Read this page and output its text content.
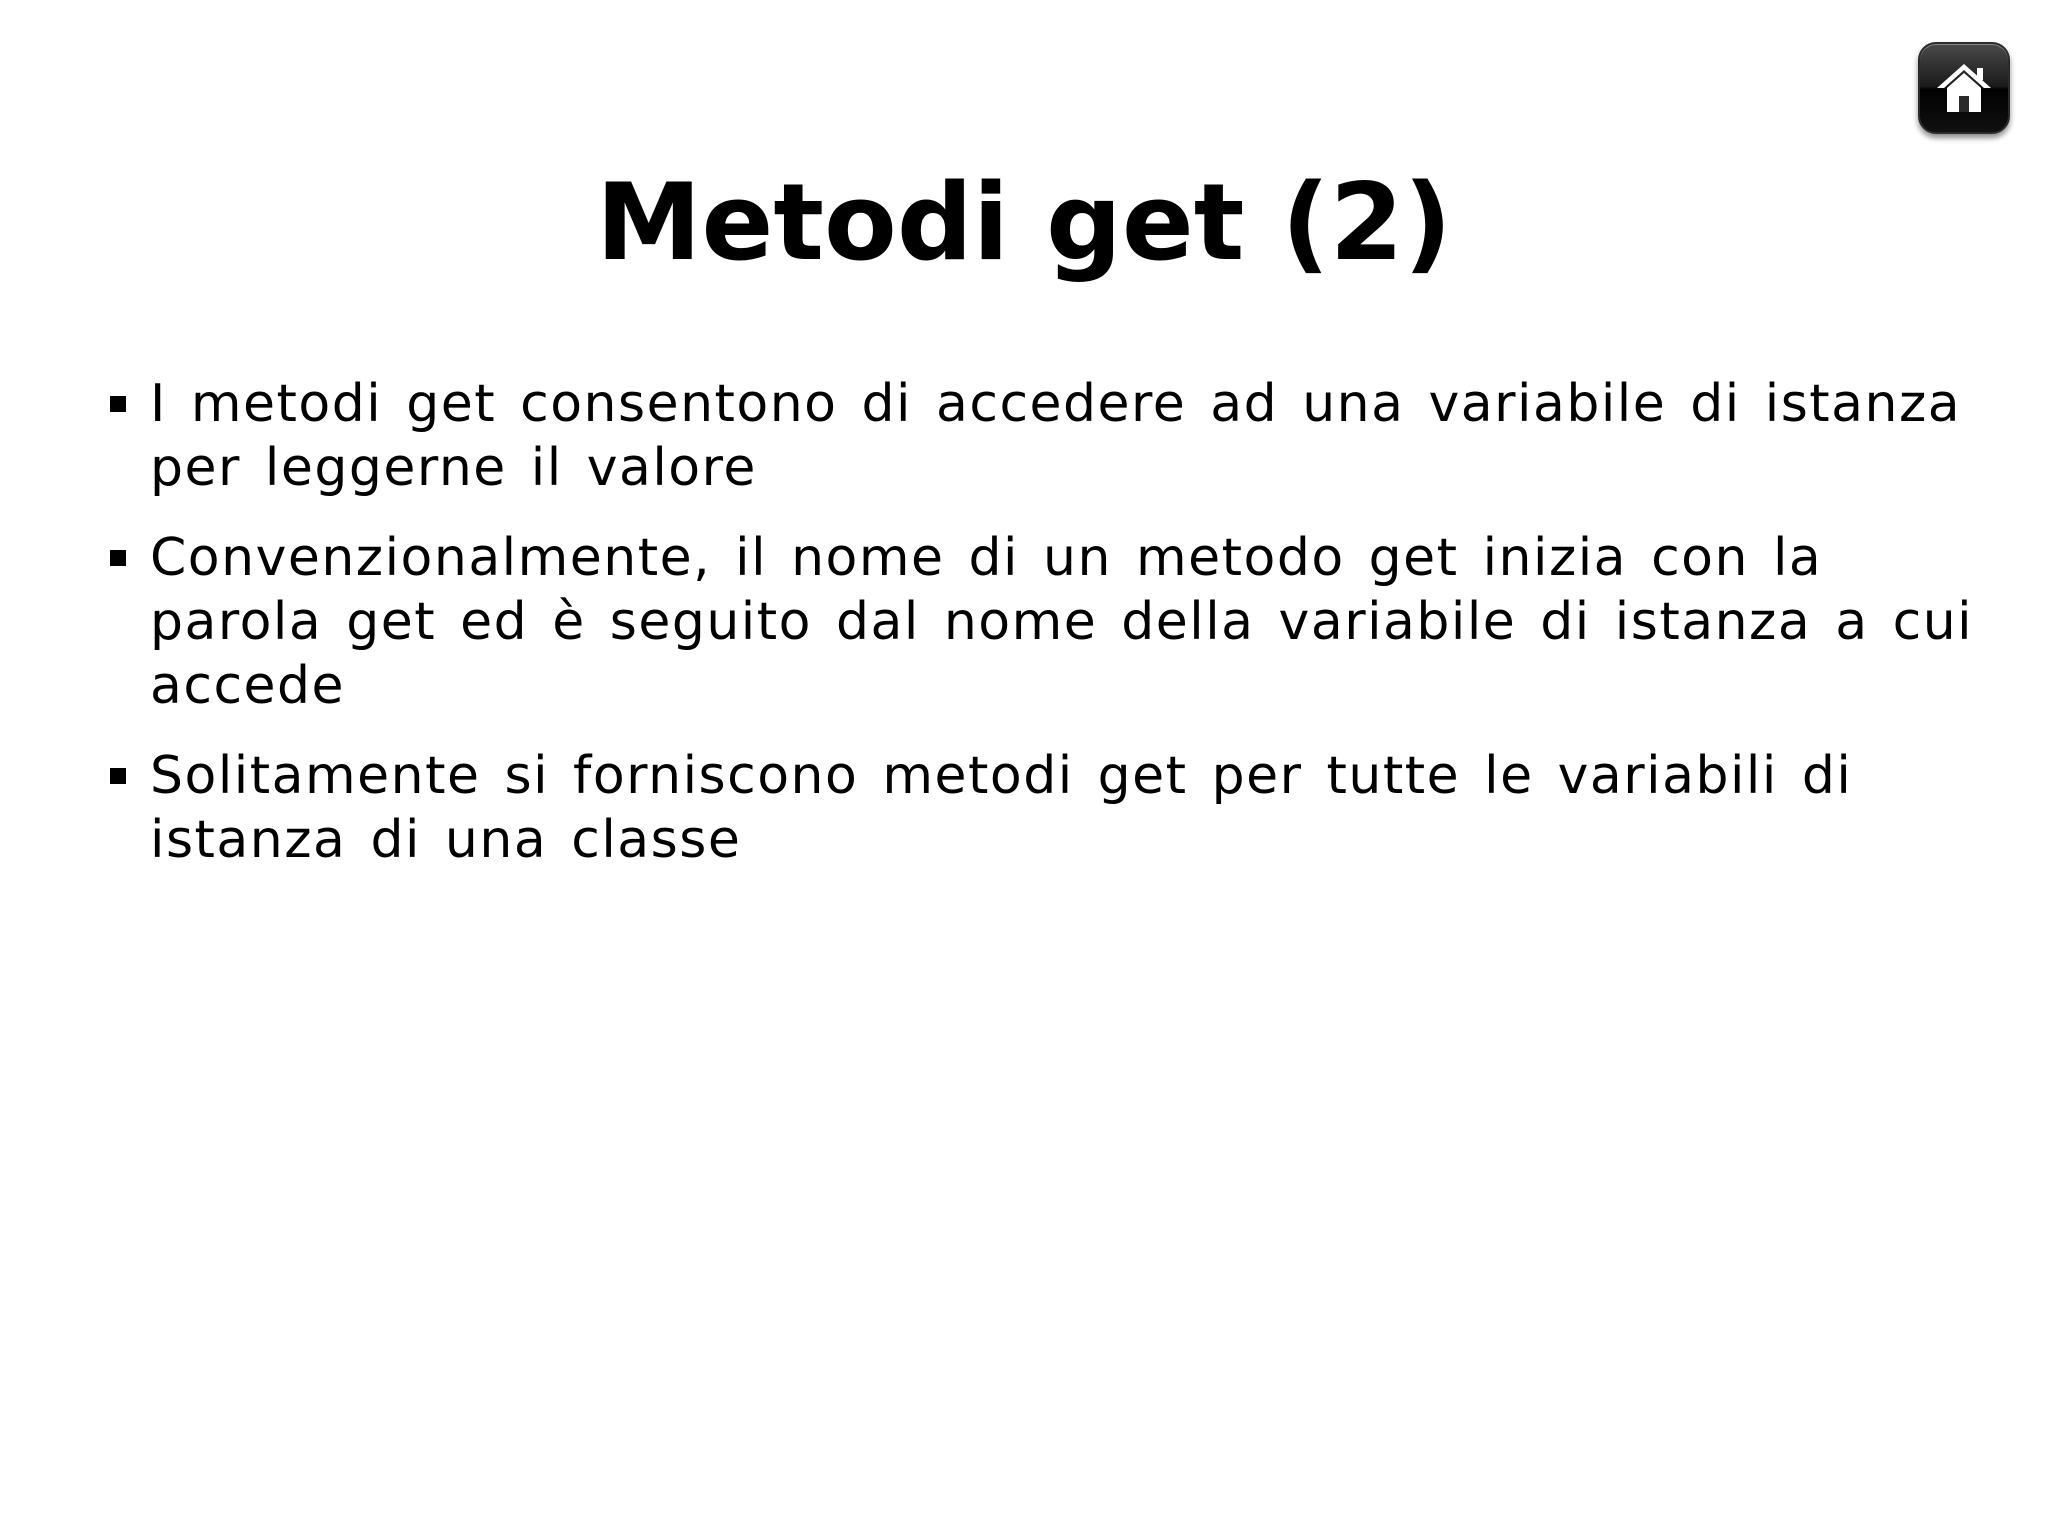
Metodi get (2)
I metodi get consentono di accedere ad una variabile di istanza per leggerne il valore
Convenzionalmente, il nome di un metodo get inizia con la parola get ed è seguito dal nome della variabile di istanza a cui accede
Solitamente si forniscono metodi get per tutte le variabili di istanza di una classe
